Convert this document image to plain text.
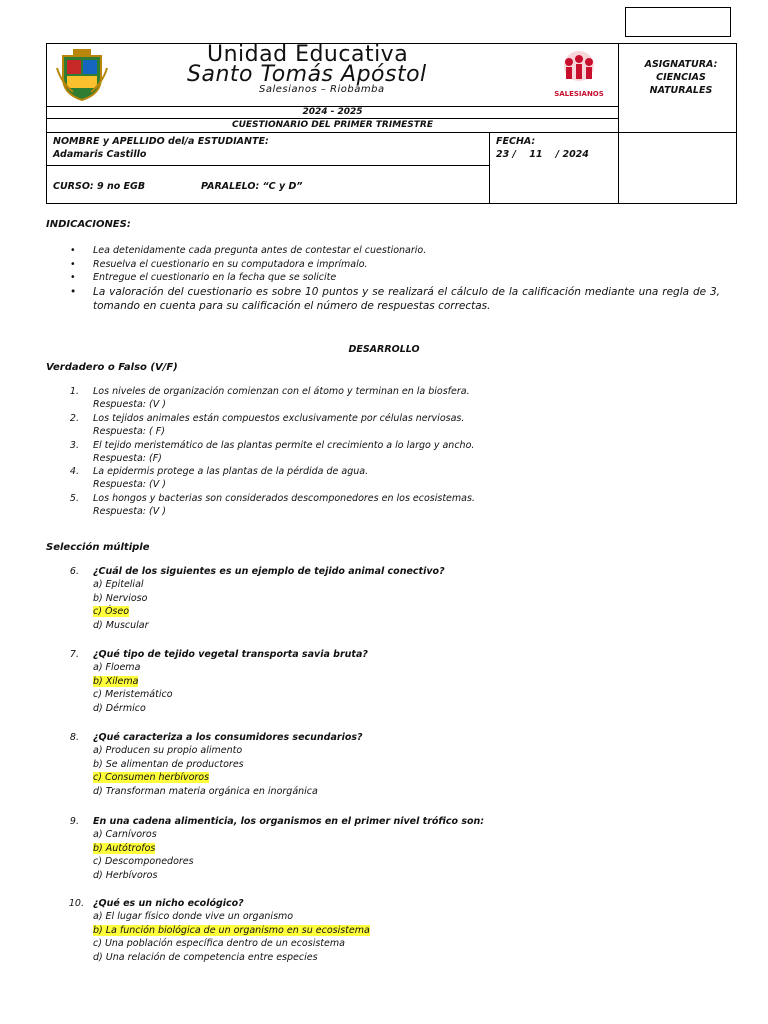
Unidad Educativa
Santo Tomás Apóstol
Salesianos – Riobamba	SALESIANOS
ASIGNATURA:
CIENCIAS NATURALES
2024 - 2025
CUESTIONARIO DEL PRIMER TRIMESTRE
NOMBRE y APELLIDO del/a ESTUDIANTE:
Adamaris Castillo
FECHA:
23 /    11    / 2024
CURSO: 9 no EGB	PARALELO: “C y D”
INDICACIONES:
• Lea detenidamente cada pregunta antes de contestar el cuestionario.
• Resuelva el cuestionario en su computadora e imprímalo.
• Entregue el cuestionario en la fecha que se solicite
• La valoración del cuestionario es sobre 10 puntos y se realizará el cálculo de la calificación mediante una regla de 3, tomando en cuenta para su calificación el número de respuestas correctas.
DESARROLLO
Verdadero o Falso (V/F)
1. Los niveles de organización comienzan con el átomo y terminan en la biosfera.
Respuesta: (V )
2. Los tejidos animales están compuestos exclusivamente por células nerviosas.
Respuesta: ( F)
3. El tejido meristemático de las plantas permite el crecimiento a lo largo y ancho.
Respuesta: (F)
4. La epidermis protege a las plantas de la pérdida de agua.
Respuesta: (V )
5. Los hongos y bacterias son considerados descomponedores en los ecosistemas.
Respuesta: (V )
Selección múltiple
6. ¿Cuál de los siguientes es un ejemplo de tejido animal conectivo?
a) Epitelial
b) Nervioso
c) Óseo
d) Muscular
7. ¿Qué tipo de tejido vegetal transporta savia bruta?
a) Floema
b) Xilema
c) Meristemático
d) Dérmico
8. ¿Qué caracteriza a los consumidores secundarios?
a) Producen su propio alimento
b) Se alimentan de productores
c) Consumen herbívoros
d) Transforman materia orgánica en inorgánica
9. En una cadena alimenticia, los organismos en el primer nivel trófico son:
a) Carnívoros
b) Autótrofos
c) Descomponedores
d) Herbívoros
10. ¿Qué es un nicho ecológico?
a) El lugar físico donde vive un organismo
b) La función biológica de un organismo en su ecosistema
c) Una población específica dentro de un ecosistema
d) Una relación de competencia entre especies
